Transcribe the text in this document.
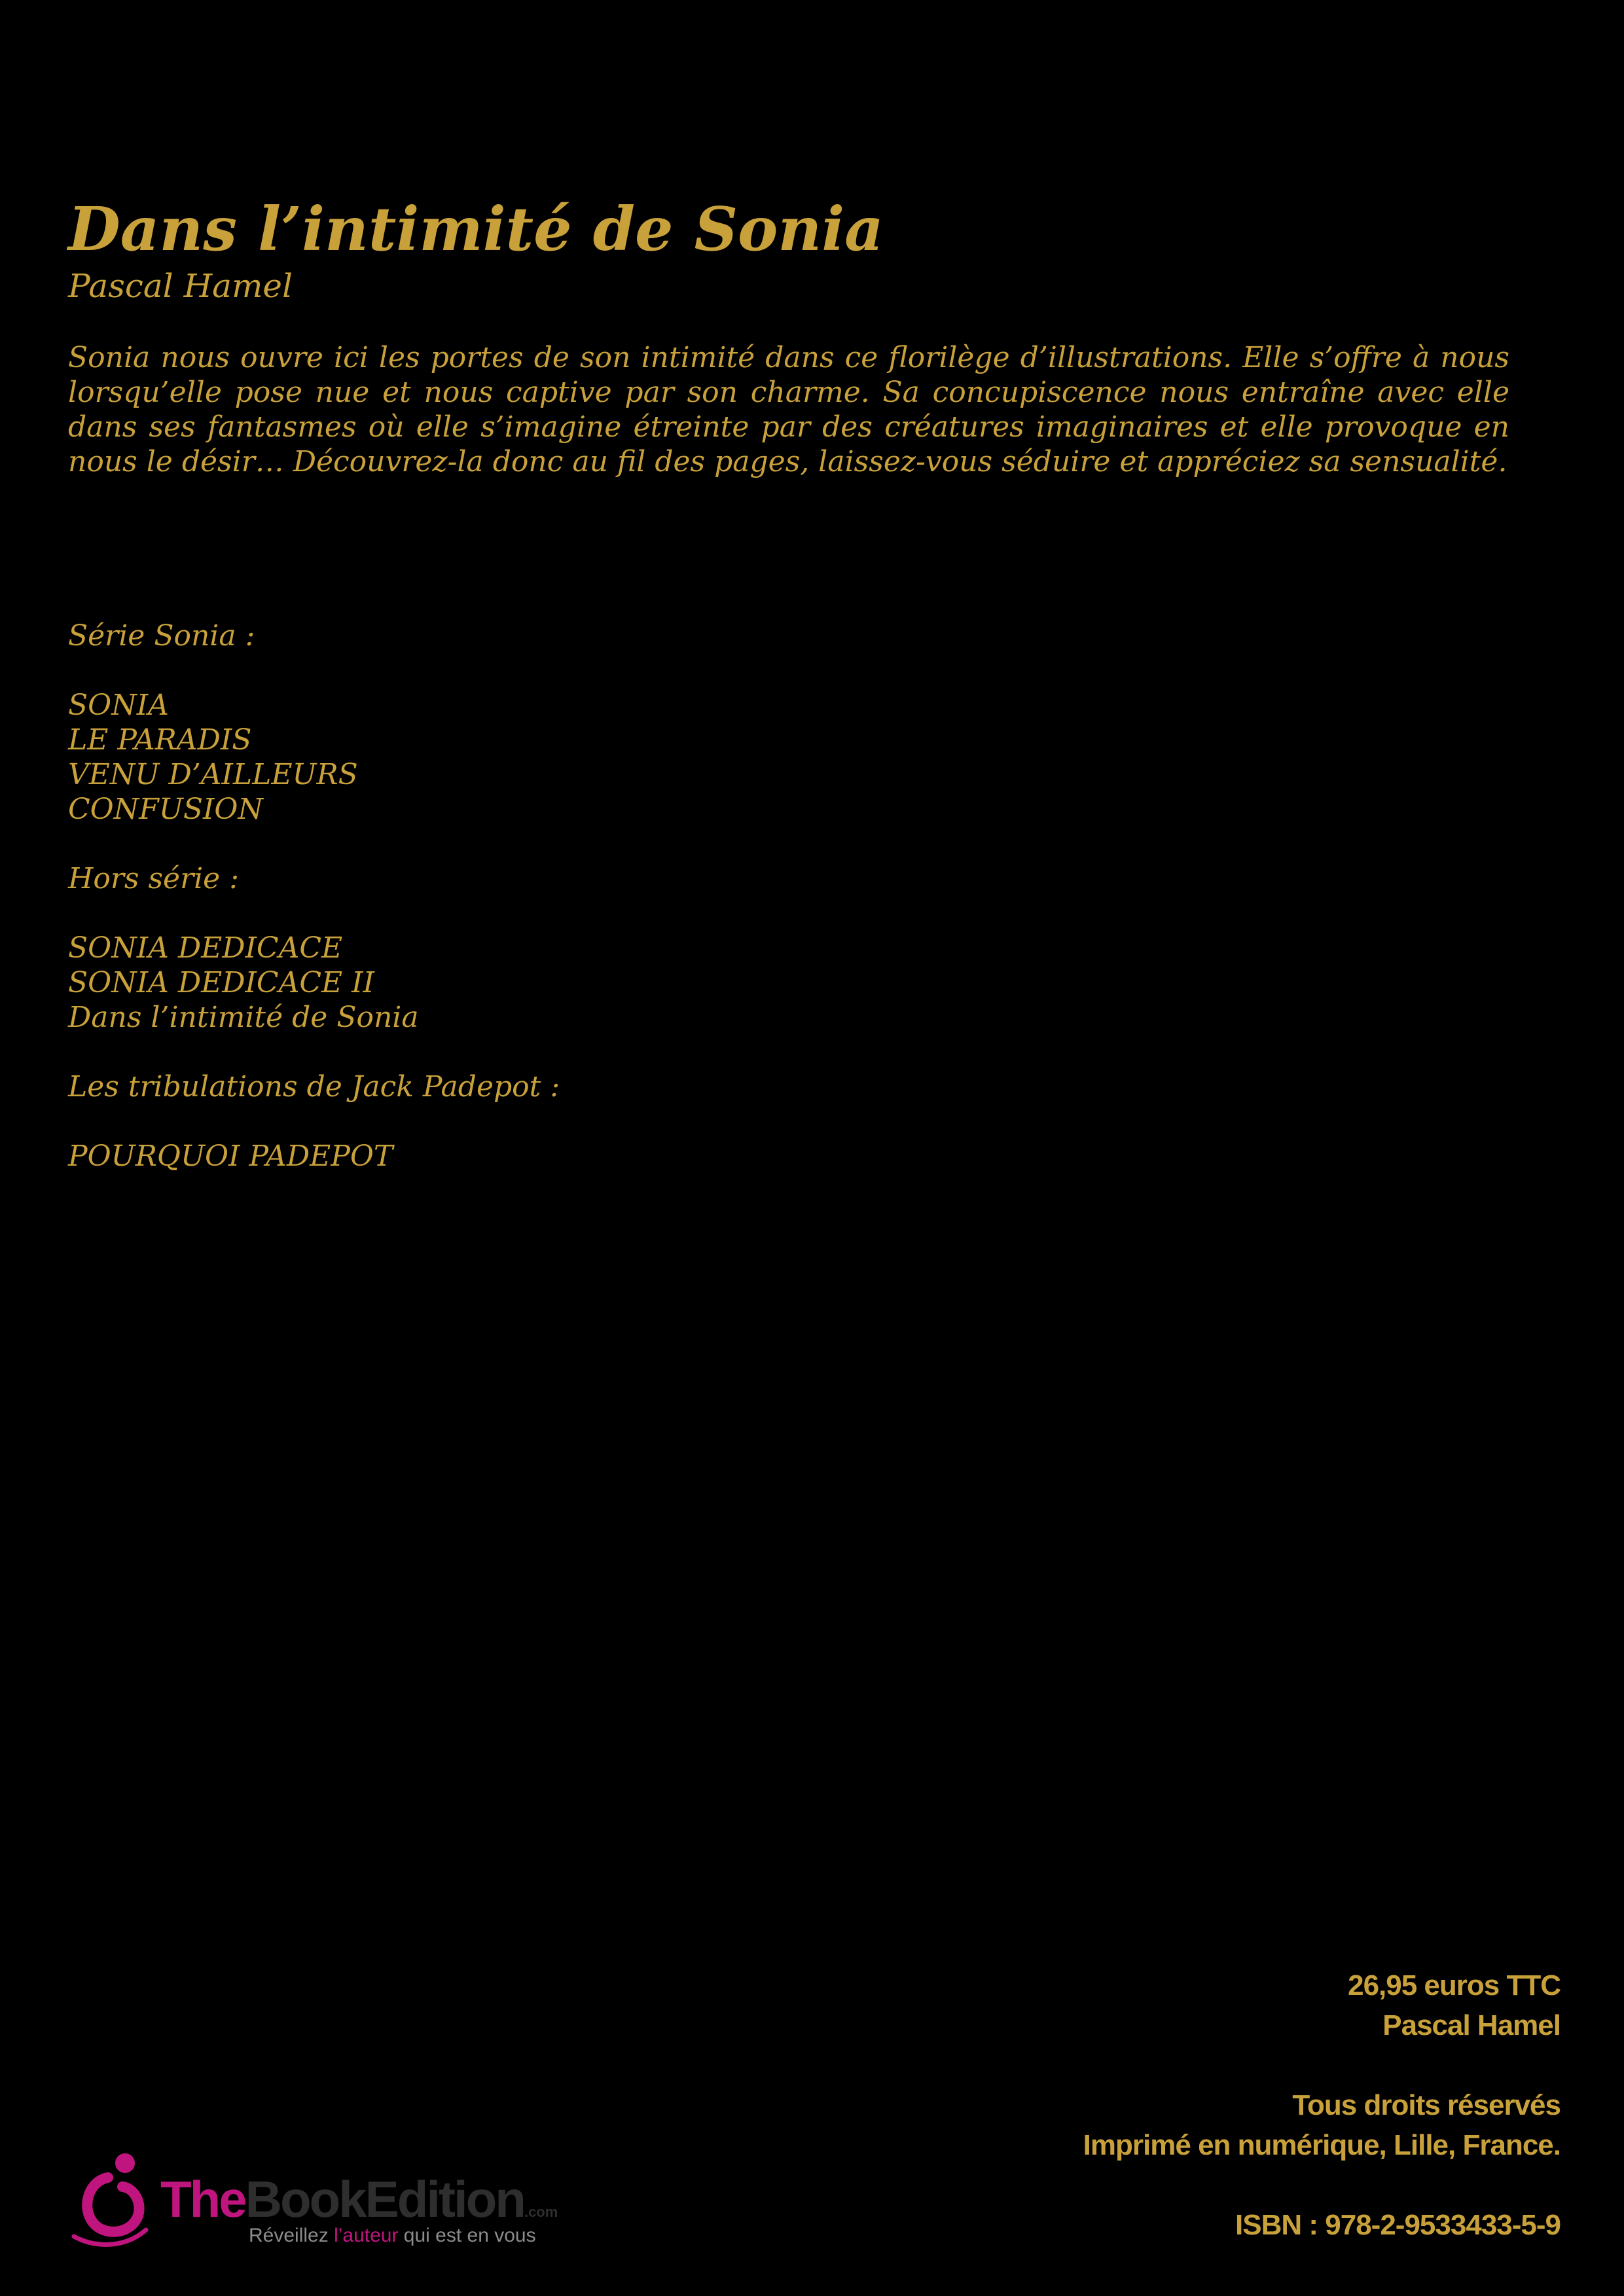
Dans l’intimité de Sonia
Pascal Hamel

Sonia nous ouvre ici les portes de son intimité dans ce florilège d’illustrations. Elle s’offre à nous lorsqu’elle pose nue et nous captive par son charme. Sa concupiscence nous entraîne avec elle dans ses fantasmes où elle s’imagine étreinte par des créatures imaginaires et elle provoque en nous le désir… Découvrez-la donc au fil des pages, laissez-vous séduire et appréciez sa sensualité.

Série Sonia :
SONIA
LE PARADIS
VENU D’AILLEURS
CONFUSION
Hors série :
SONIA DEDICACE
SONIA DEDICACE II
Dans l’intimité de Sonia
Les tribulations de Jack Padepot :
POURQUOI PADEPOT
26,95 euros TTC
Pascal Hamel
Tous droits réservés
Imprimé en numérique, Lille, France.
ISBN : 978-2-9533433-5-9
TheBookEdition.com
Réveillez l’auteur qui est en vous
